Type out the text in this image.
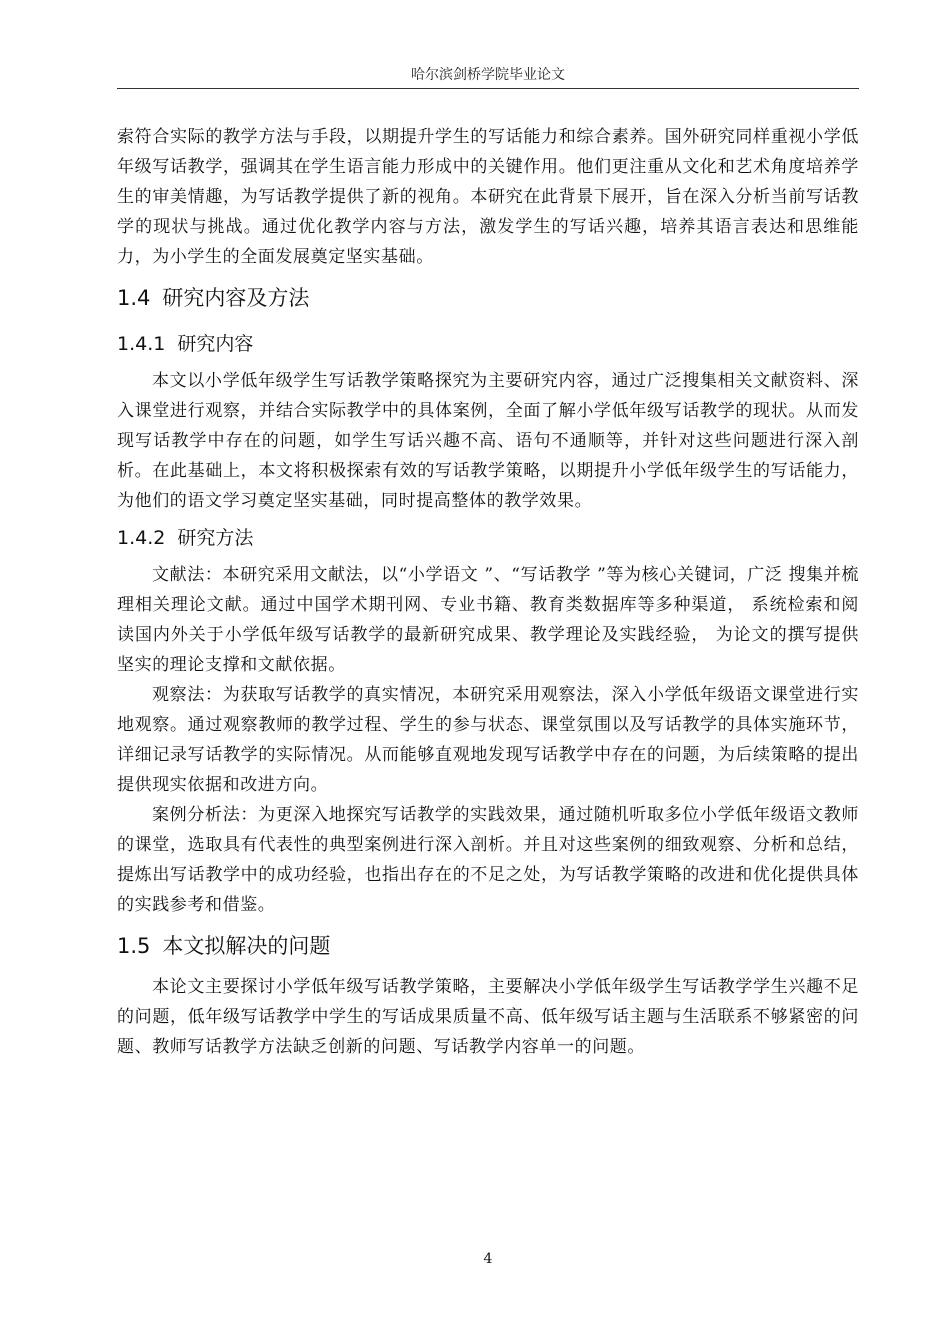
哈尔滨剑桥学院毕业论文

索符合实际的教学方法与手段，以期提升学生的写话能力和综合素养。国外研究同样重视小学低年级写话教学，强调其在学生语言能力形成中的关键作用。他们更注重从文化和艺术角度培养学生的审美情趣，为写话教学提供了新的视角。本研究在此背景下展开，旨在深入分析当前写话教学的现状与挑战。通过优化教学内容与方法，激发学生的写话兴趣，培养其语言表达和思维能力，为小学生的全面发展奠定坚实基础。

1.4 研究内容及方法
1.4.1 研究内容

本文以小学低年级学生写话教学策略探究为主要研究内容，通过广泛搜集相关文献资料、深入课堂进行观察，并结合实际教学中的具体案例，全面了解小学低年级写话教学的现状。从而发现写话教学中存在的问题，如学生写话兴趣不高、语句不通顺等，并针对这些问题进行深入剖析。在此基础上，本文将积极探索有效的写话教学策略，以期提升小学低年级学生的写话能力，为他们的语文学习奠定坚实基础，同时提高整体的教学效果。

1.4.2 研究方法

文献法：本研究采用文献法，以“小学语文 ”、“写话教学 ”等为核心关键词，广泛 搜集并梳理相关理论文献。通过中国学术期刊网、专业书籍、教育类数据库等多种渠道， 系统检索和阅读国内外关于小学低年级写话教学的最新研究成果、教学理论及实践经验， 为论文的撰写提供坚实的理论支撑和文献依据。

观察法：为获取写话教学的真实情况，本研究采用观察法，深入小学低年级语文课堂进行实地观察。通过观察教师的教学过程、学生的参与状态、课堂氛围以及写话教学的具体实施环节，详细记录写话教学的实际情况。从而能够直观地发现写话教学中存在的问题，为后续策略的提出提供现实依据和改进方向。

案例分析法：为更深入地探究写话教学的实践效果，通过随机听取多位小学低年级语文教师的课堂，选取具有代表性的典型案例进行深入剖析。并且对这些案例的细致观察、分析和总结，提炼出写话教学中的成功经验，也指出存在的不足之处，为写话教学策略的改进和优化提供具体的实践参考和借鉴。

1.5 本文拟解决的问题

本论文主要探讨小学低年级写话教学策略，主要解决小学低年级学生写话教学学生兴趣不足的问题，低年级写话教学中学生的写话成果质量不高、低年级写话主题与生活联系不够紧密的问题、教师写话教学方法缺乏创新的问题、写话教学内容单一的问题。

4
